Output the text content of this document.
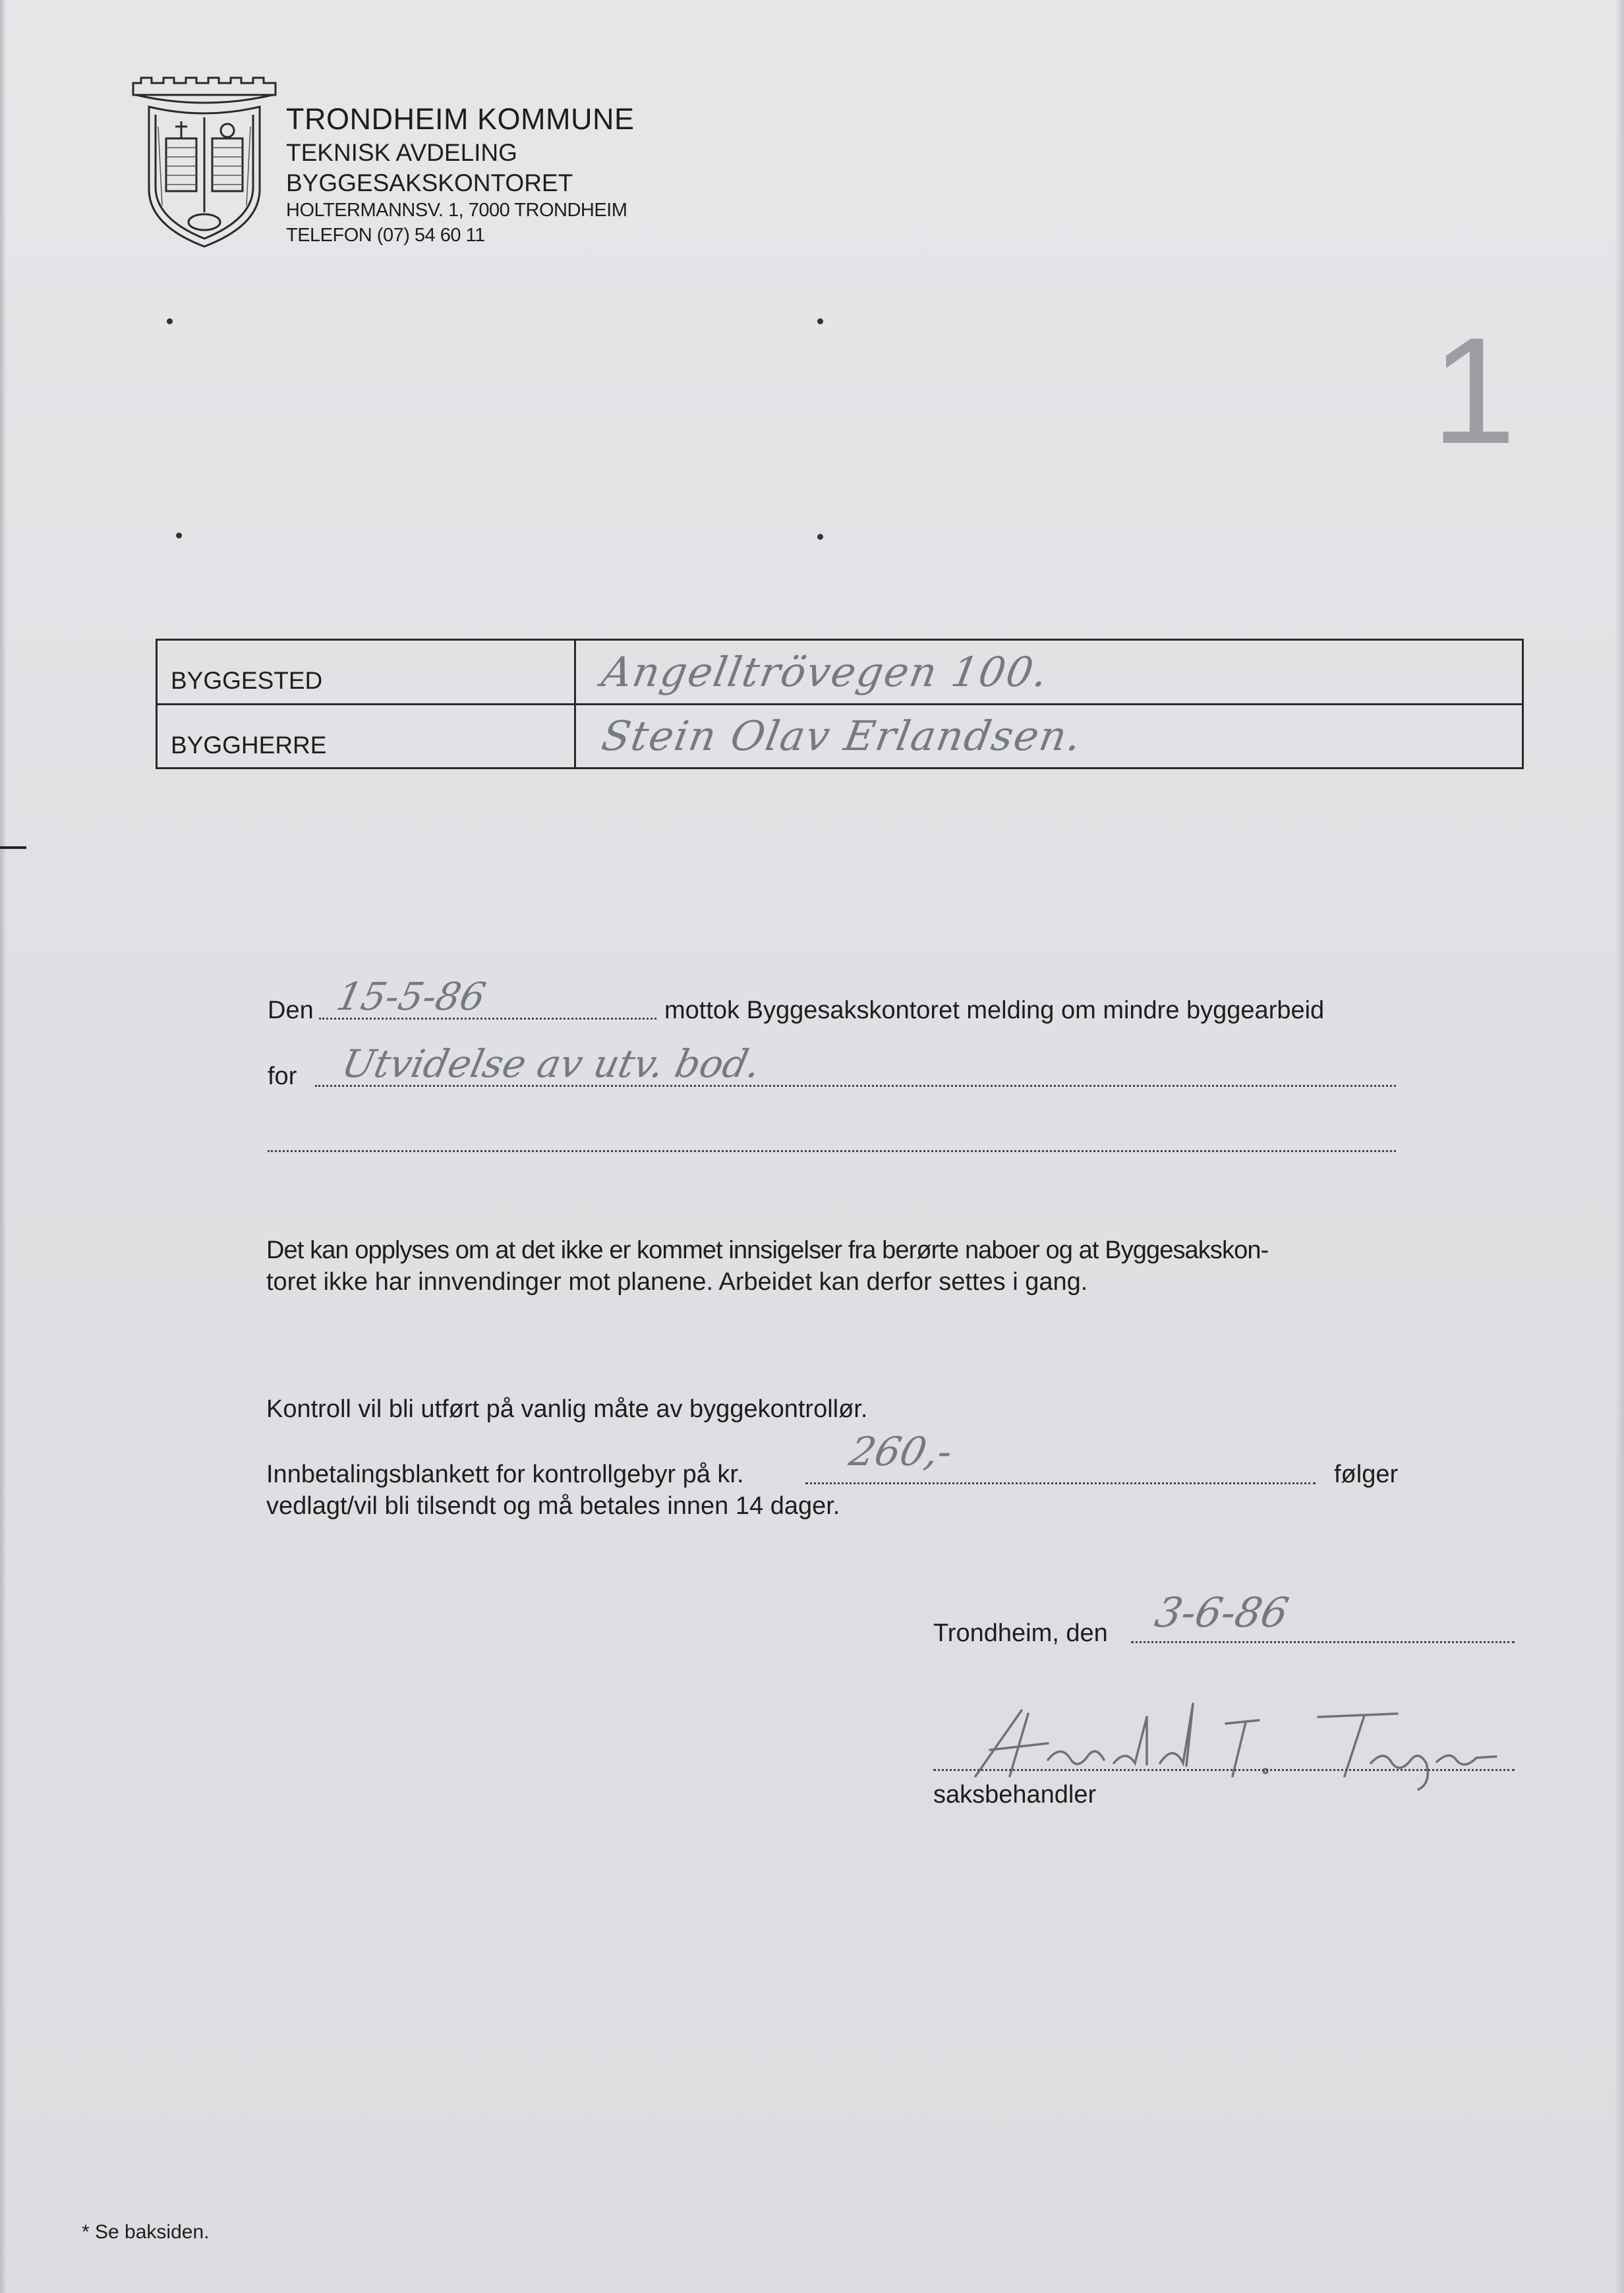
TRONDHEIM KOMMUNE
TEKNISK AVDELING
BYGGESAKSKONTORET
HOLTERMANNSV. 1, 7000 TRONDHEIM
TELEFON (07) 54 60 11
1
BYGGESTED	Angelltrövegen 100.
BYGGHERRE	Stein Olav Erlandsen.
Den 15-5-86	mottok Byggesakskontoret melding om mindre byggearbeid
for Utvidelse av utv. bod.
Det kan opplyses om at det ikke er kommet innsigelser fra berørte naboer og at Byggesakskon-
toret ikke har innvendinger mot planene. Arbeidet kan derfor settes i gang.
Kontroll vil bli utført på vanlig måte av byggekontrollør.
Innbetalingsblankett for kontrollgebyr på kr.	260,-	følger
vedlagt/vil bli tilsendt og må betales innen 14 dager.
Trondheim, den 3-6-86
saksbehandler
* Se baksiden.
